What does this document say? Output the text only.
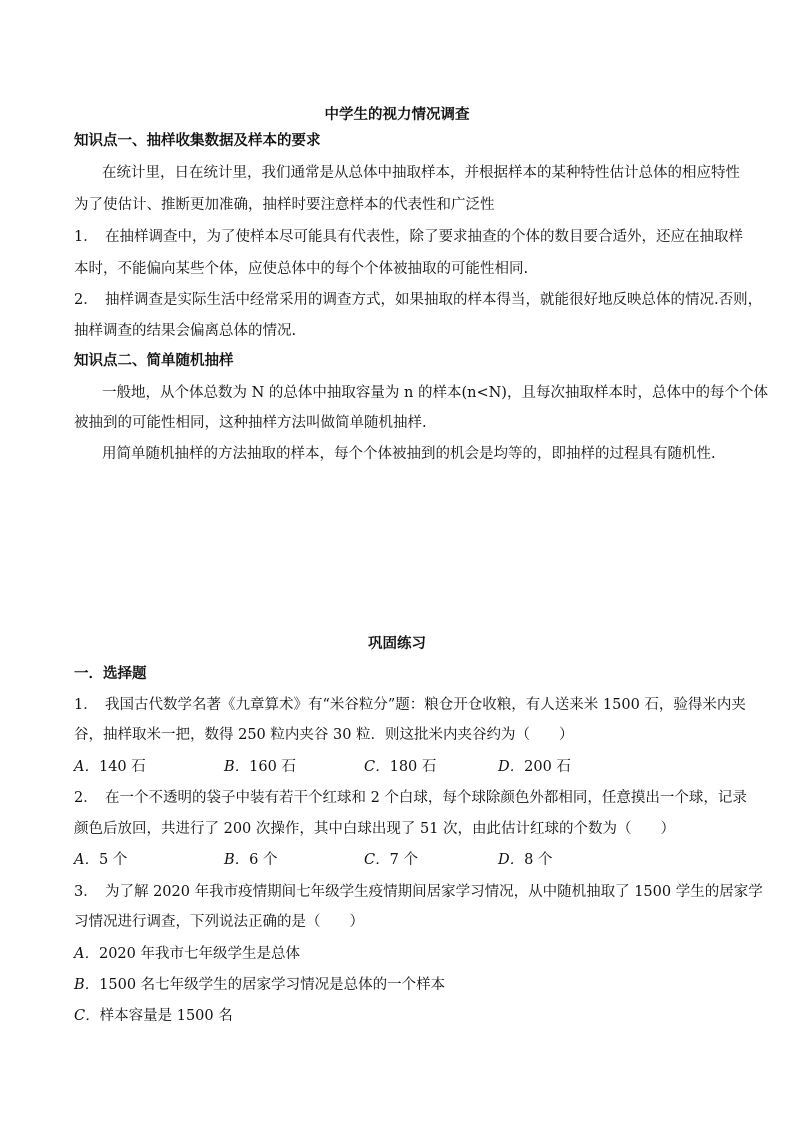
中学生的视力情况调查
知识点一、抽样收集数据及样本的要求
在统计里，日在统计里，我们通常是从总体中抽取样本，并根据样本的某种特性估计总体的相应特性
为了使估计、推断更加准确，抽样时要注意样本的代表性和广泛性
1．　在抽样调查中，为了使样本尽可能具有代表性，除了要求抽查的个体的数目要合适外，还应在抽取样
本时，不能偏向某些个体，应使总体中的每个个体被抽取的可能性相同.
2．　抽样调查是实际生活中经常采用的调查方式，如果抽取的样本得当，就能很好地反映总体的情况.否则，
抽样调查的结果会偏离总体的情况.
知识点二、简单随机抽样
一般地，从个体总数为 N 的总体中抽取容量为 n 的样本(n<N)，且每次抽取样本时，总体中的每个个体
被抽到的可能性相同，这种抽样方法叫做简单随机抽样.
用简单随机抽样的方法抽取的样本，每个个体被抽到的机会是均等的，即抽样的过程具有随机性.
巩固练习
一．选择题
1．　我国古代数学名著《九章算术》有“米谷粒分”题：粮仓开仓收粮，有人送来米 1500 石，验得米内夹
谷，抽样取米一把，数得 250 粒内夹谷 30 粒．则这批米内夹谷约为（　　）
A．140 石	B．160 石	C．180 石	D．200 石
2．　在一个不透明的袋子中装有若干个红球和 2 个白球，每个球除颜色外都相同，任意摸出一个球，记录
颜色后放回，共进行了 200 次操作，其中白球出现了 51 次，由此估计红球的个数为（　　）
A．5 个	B．6 个	C．7 个	D．8 个
3．　为了解 2020 年我市疫情期间七年级学生疫情期间居家学习情况，从中随机抽取了 1500 学生的居家学
习情况进行调查，下列说法正确的是（　　）
A．2020 年我市七年级学生是总体
B．1500 名七年级学生的居家学习情况是总体的一个样本
C．样本容量是 1500 名
